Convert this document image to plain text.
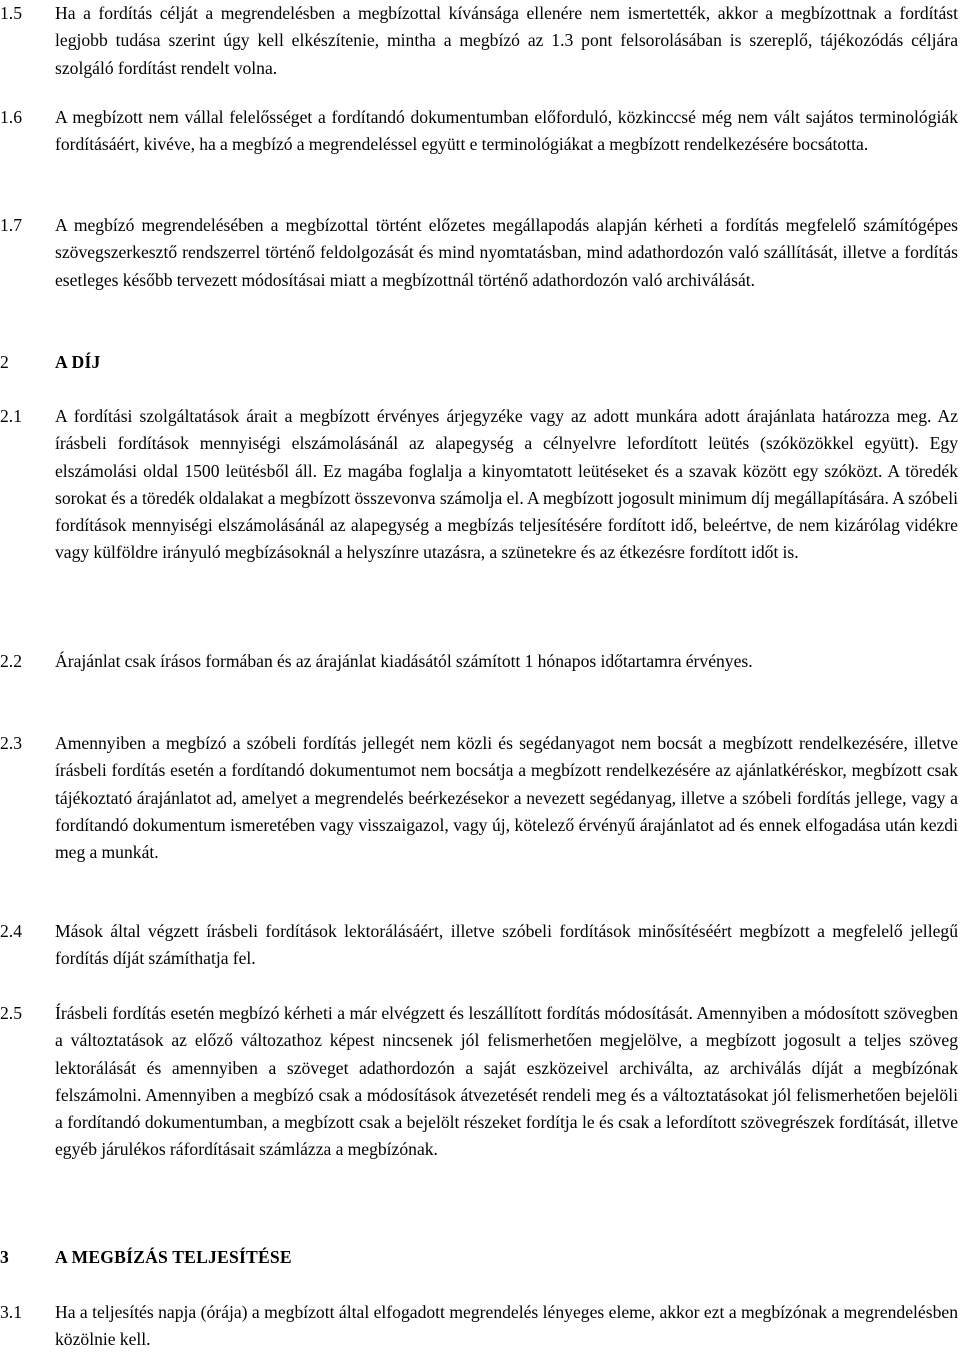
1.5	Ha a fordítás célját a megrendelésben a megbízottal kívánsága ellenére nem ismertették, akkor a megbízottnak a fordítást legjobb tudása szerint úgy kell elkészítenie, mintha a megbízó az 1.3 pont felsorolásában is szereplő, tájékozódás céljára szolgáló fordítást rendelt volna.
1.6	A megbízott nem vállal felelősséget a fordítandó dokumentumban előforduló, közkinccsé még nem vált sajátos terminológiák fordításáért, kivéve, ha a megbízó a megrendeléssel együtt e terminológiákat a megbízott rendelkezésére bocsátotta.
1.7	A megbízó megrendelésében a megbízottal történt előzetes megállapodás alapján kérheti a fordítás megfelelő számítógépes szövegszerkesztő rendszerrel történő feldolgozását és mind nyomtatásban, mind adathordozón való szállítását, illetve a fordítás esetleges később tervezett módosításai miatt a megbízottnál történő adathordozón való archiválását.
2	A DÍJ
2.1	A fordítási szolgáltatások árait a megbízott érvényes árjegyzéke vagy az adott munkára adott árajánlata határozza meg. Az írásbeli fordítások mennyiségi elszámolásánál az alapegység a célnyelvre lefordított leütés (szóközökkel együtt). Egy elszámolási oldal 1500 leütésből áll. Ez magába foglalja a kinyomtatott leütéseket és a szavak között egy szóközt. A töredék sorokat és a töredék oldalakat a megbízott összevonva számolja el. A megbízott jogosult minimum díj megállapítására. A szóbeli fordítások mennyiségi elszámolásánál az alapegység a megbízás teljesítésére fordított idő, beleértve, de nem kizárólag vidékre vagy külföldre irányuló megbízásoknál a helyszínre utazásra, a szünetekre és az étkezésre fordított időt is.
2.2	Árajánlat csak írásos formában és az árajánlat kiadásától számított 1 hónapos időtartamra érvényes.
2.3	Amennyiben a megbízó a szóbeli fordítás jellegét nem közli és segédanyagot nem bocsát a megbízott rendelkezésére, illetve írásbeli fordítás esetén a fordítandó dokumentumot nem bocsátja a megbízott rendelkezésére az ajánlatkéréskor, megbízott csak tájékoztató árajánlatot ad, amelyet a megrendelés beérkezésekor a nevezett segédanyag, illetve a szóbeli fordítás jellege, vagy a fordítandó dokumentum ismeretében vagy visszaigazol, vagy új, kötelező érvényű árajánlatot ad és ennek elfogadása után kezdi meg a munkát.
2.4	Mások által végzett írásbeli fordítások lektorálásáért, illetve szóbeli fordítások minősítéséért megbízott a megfelelő jellegű fordítás díját számíthatja fel.
2.5	Írásbeli fordítás esetén megbízó kérheti a már elvégzett és leszállított fordítás módosítását. Amennyiben a módosított szövegben a változtatások az előző változathoz képest nincsenek jól felismerhetően megjelölve, a megbízott jogosult a teljes szöveg lektorálását és amennyiben a szöveget adathordozón a saját eszközeivel archiválta, az archiválás díját a megbízónak felszámolni. Amennyiben a megbízó csak a módosítások átvezetését rendeli meg és a változtatásokat jól felismerhetően bejelöli a fordítandó dokumentumban, a megbízott csak a bejelölt részeket fordítja le és csak a lefordított szövegrészek fordítását, illetve egyéb járulékos ráfordításait számlázza a megbízónak.
3	A MEGBÍZÁS TELJESÍTÉSE
3.1	Ha a teljesítés napja (órája) a megbízott által elfogadott megrendelés lényeges eleme, akkor ezt a megbízónak a megrendelésben közölnie kell.
